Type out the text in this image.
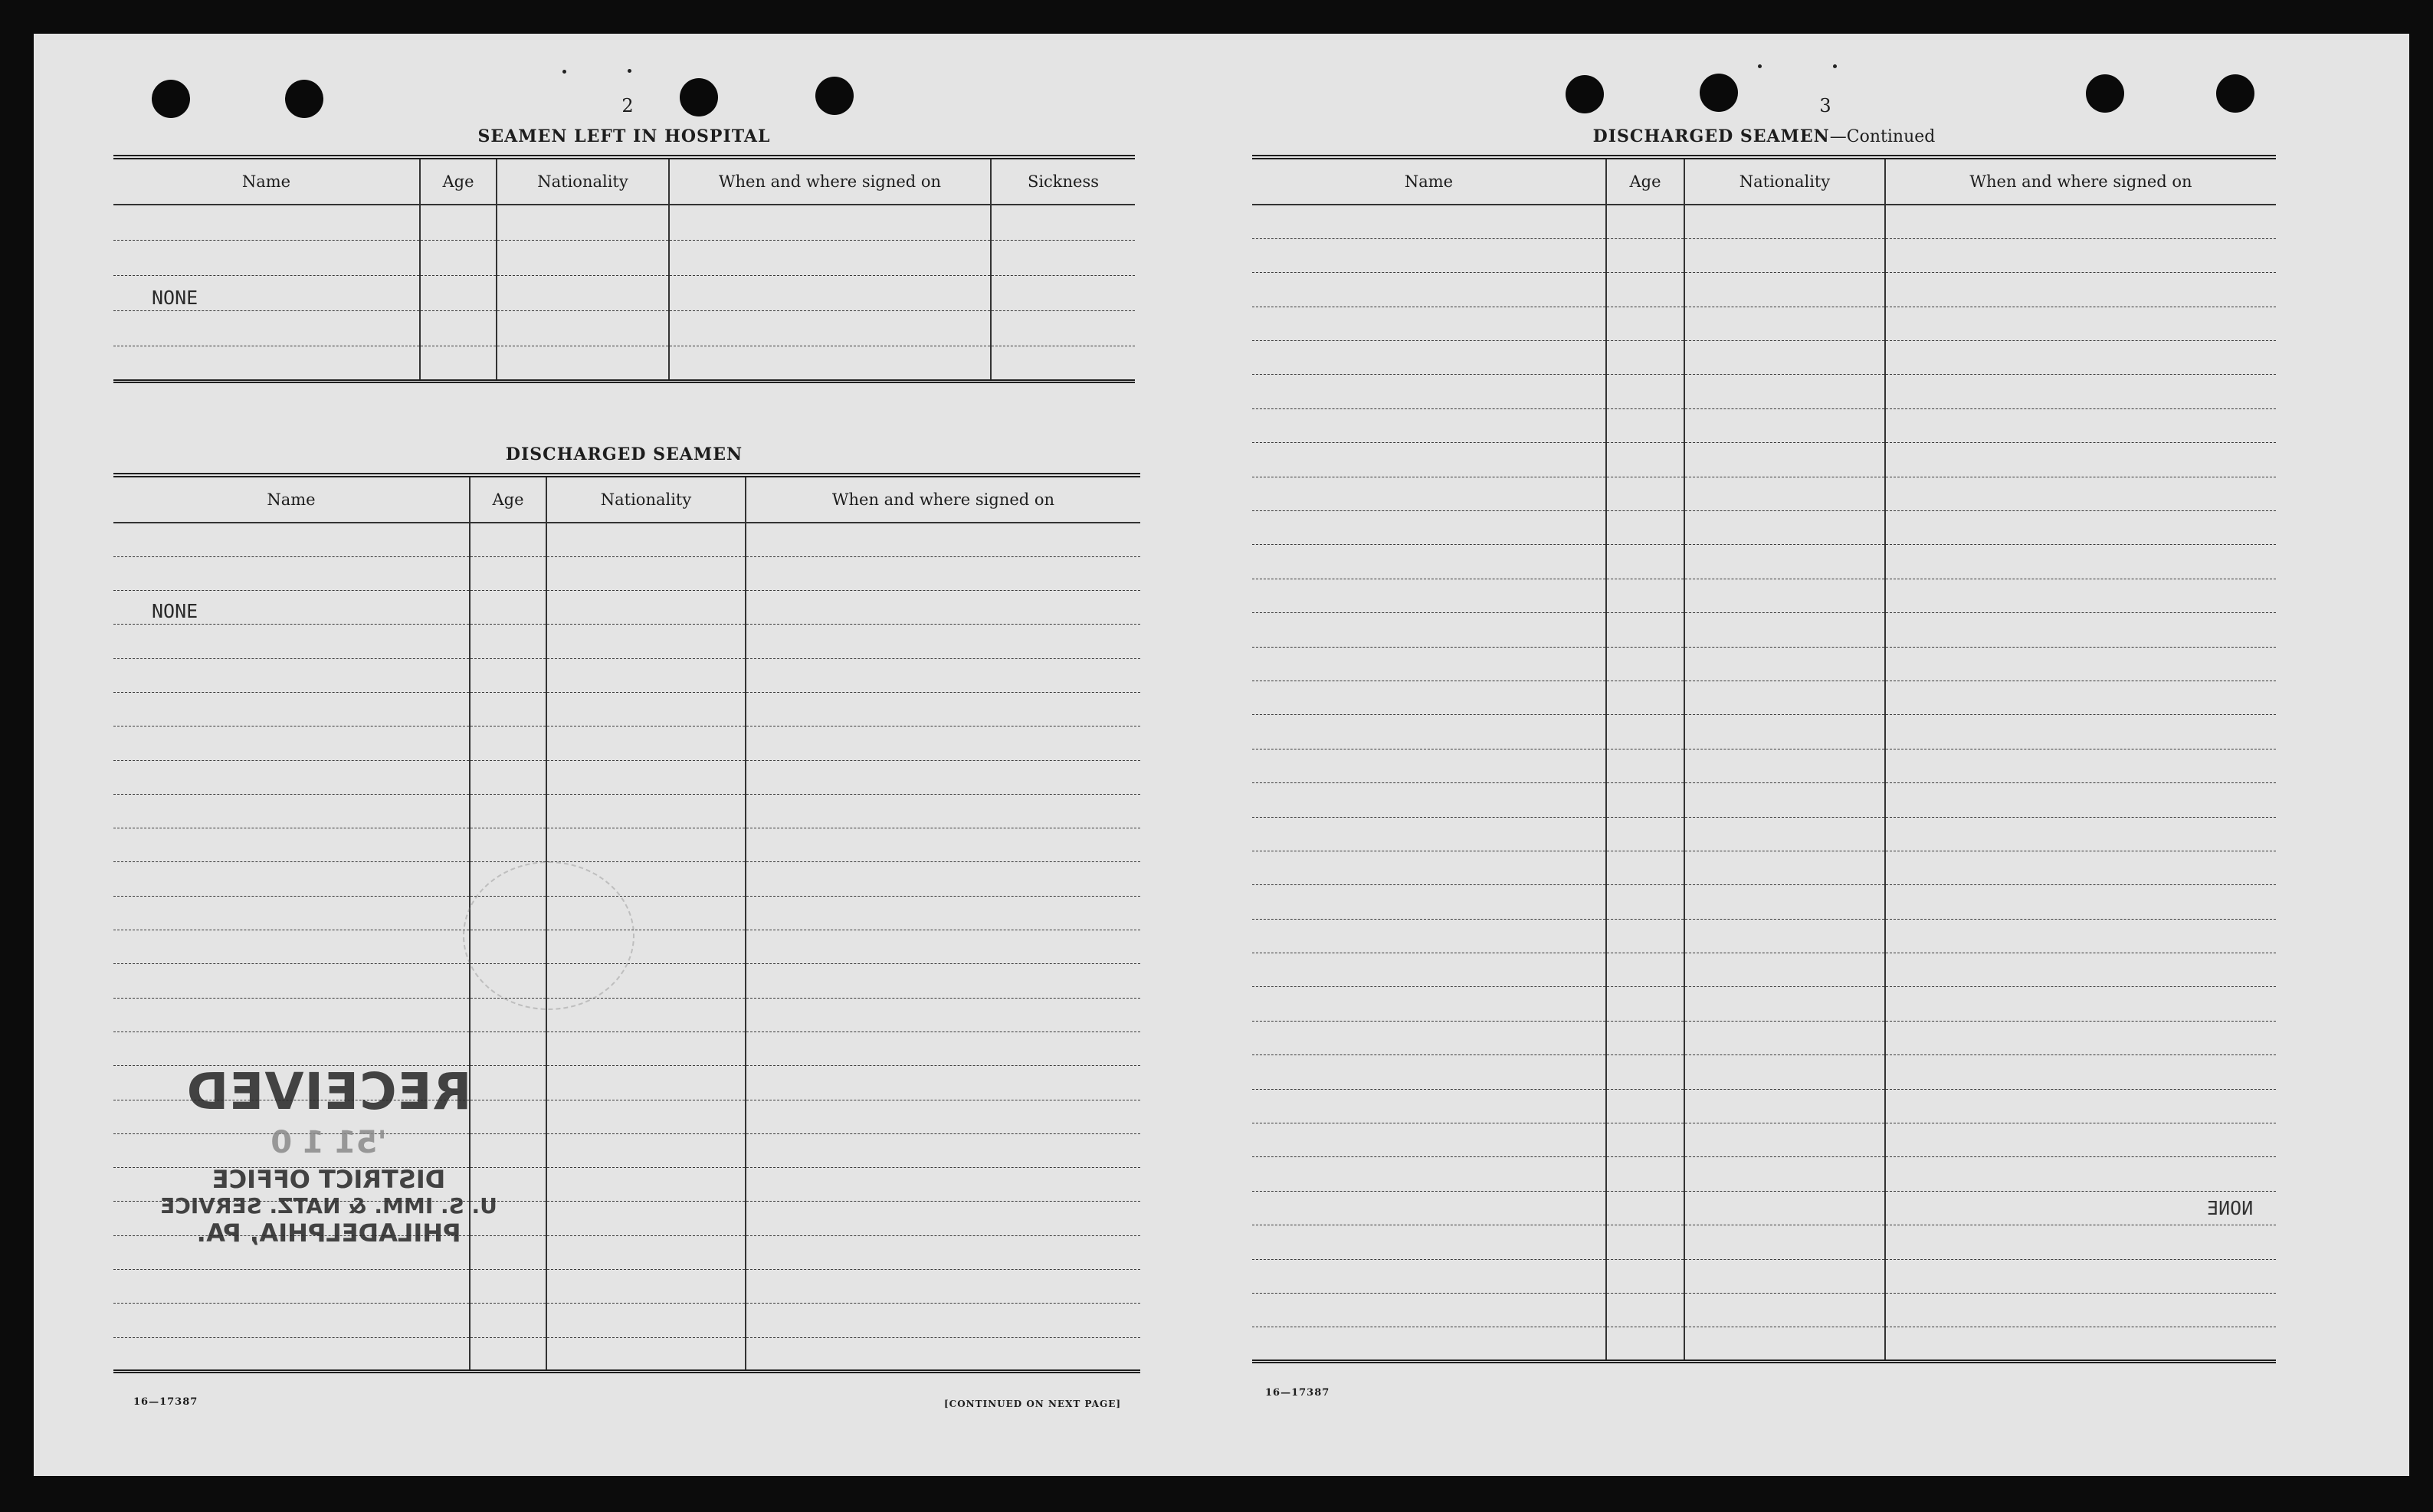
2
SEAMEN LEFT IN HOSPITAL
Name	Age	Nationality	When and where signed on	Sickness

NONE				

DISCHARGED SEAMEN
Name	Age	Nationality	When and where signed on

NONE			

16—17387	[CONTINUED ON NEXT PAGE]
RECEIVED
'51 1 0
DISTRICT OFFICE
U. S. IMM. & NATZ. SERVICE
PHILADELPHIA, PA.
3
DISCHARGED SEAMEN—Continued
Name	Age	Nationality	When and where signed on

NONE
16—17387
